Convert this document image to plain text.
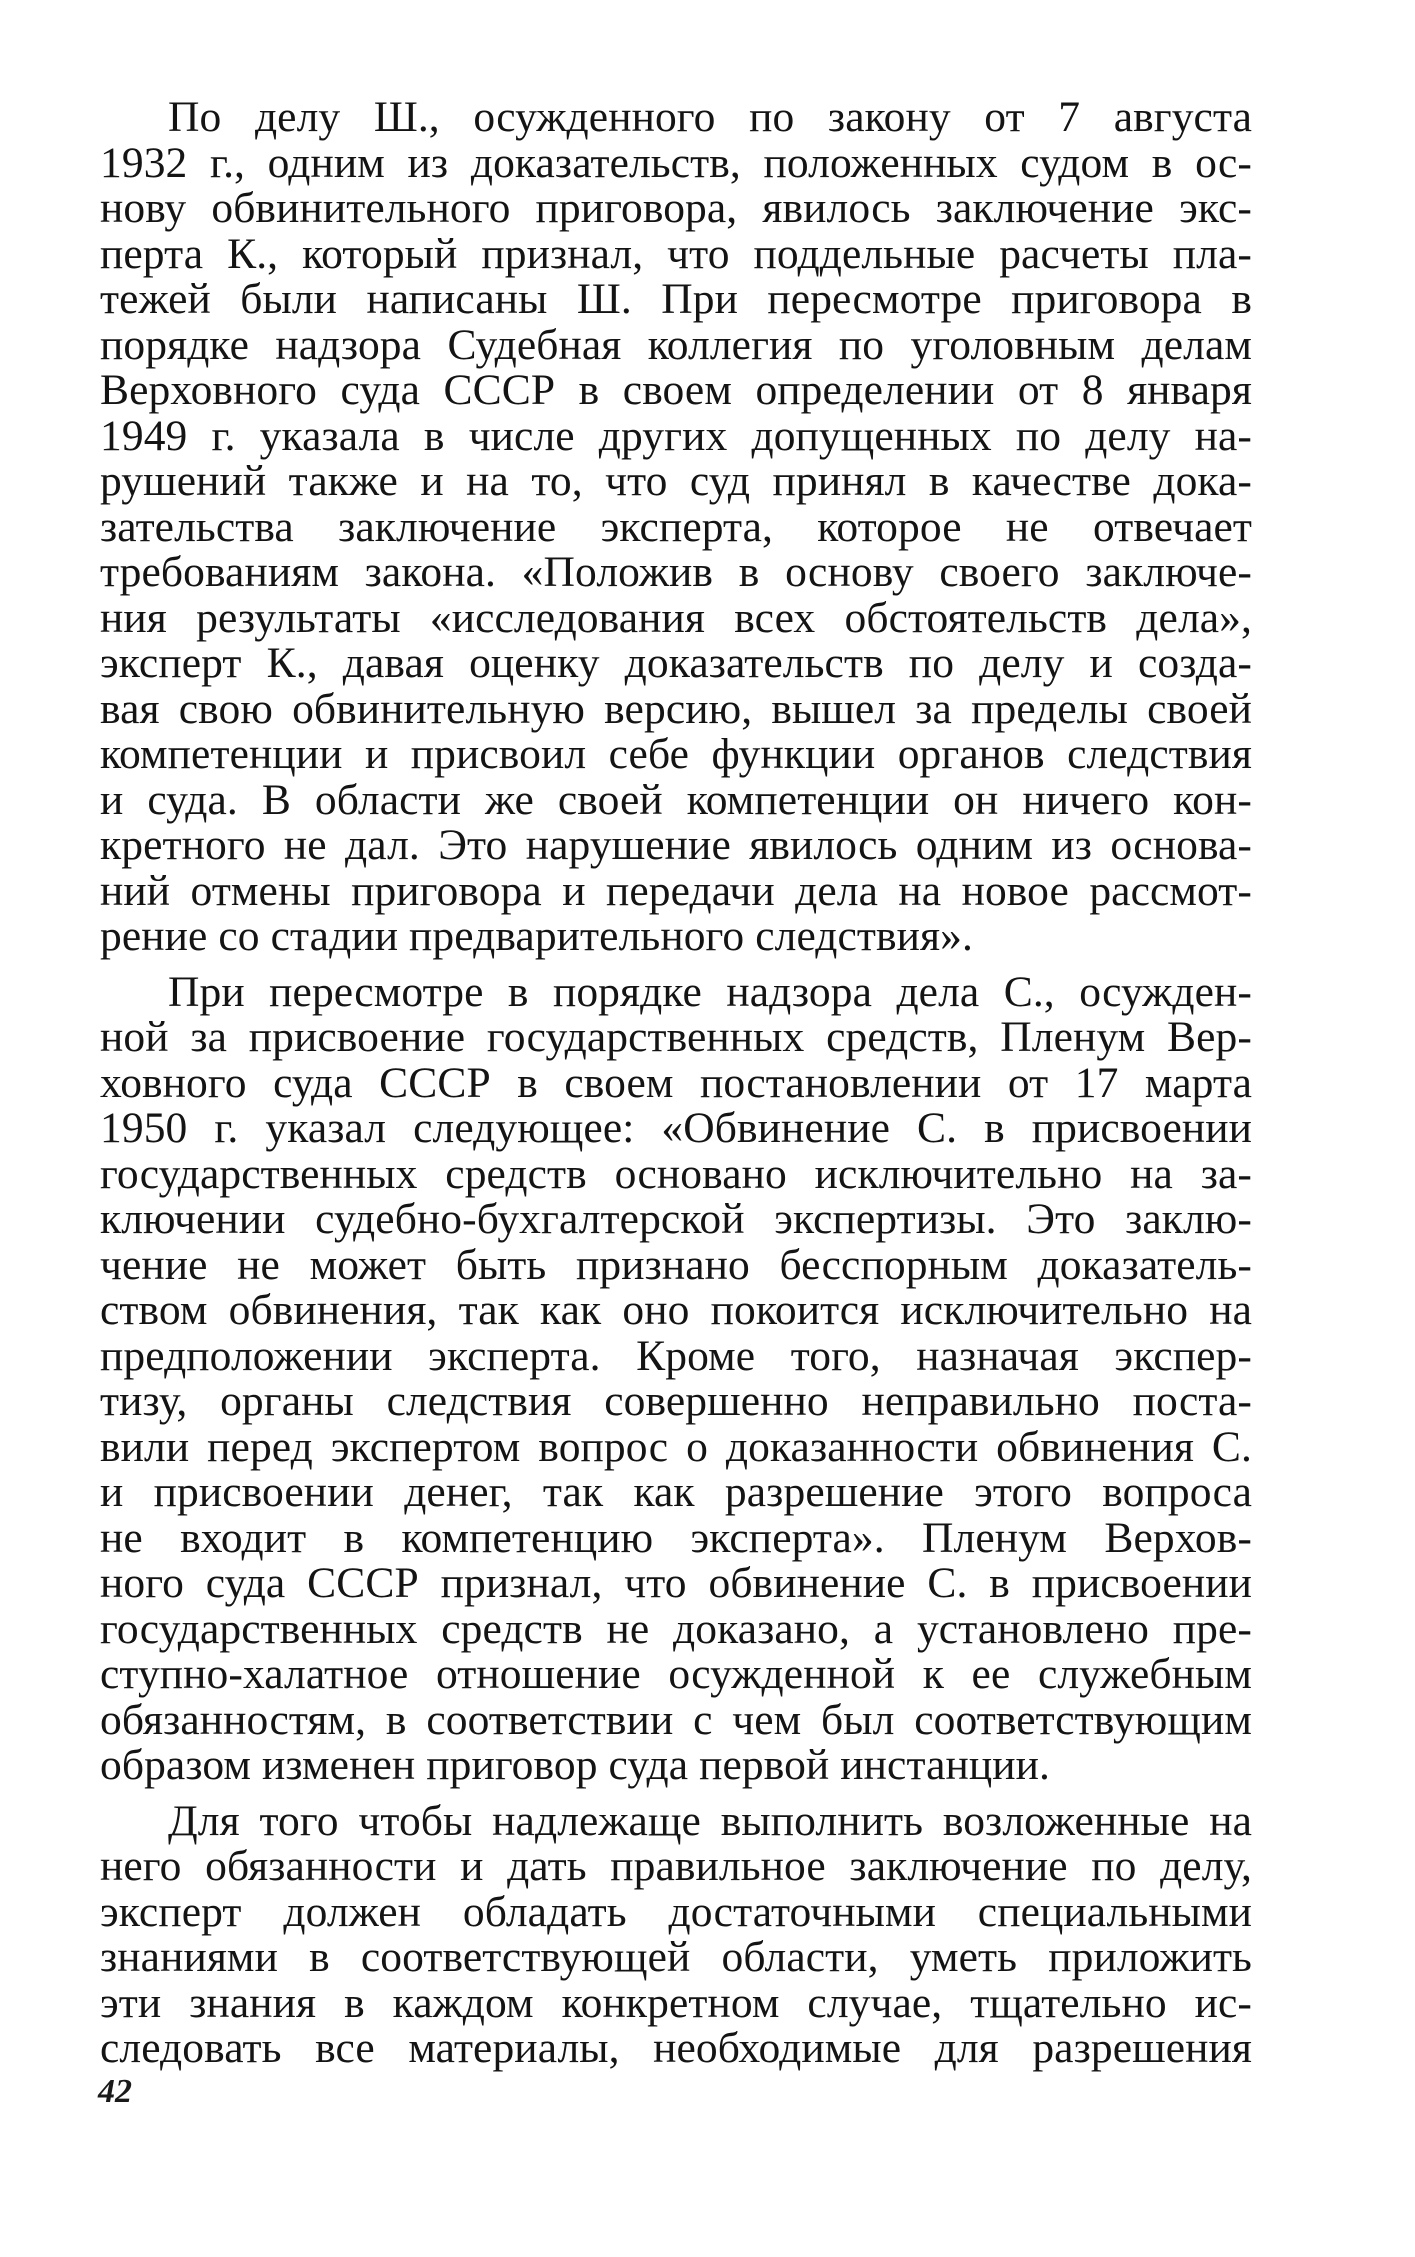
По делу Ш., осужденного по закону от 7 августа
1932 г., одним из доказательств, положенных судом в ос-
нову обвинительного приговора, явилось заключение экс-
перта К., который признал, что поддельные расчеты пла-
тежей были написаны Ш. При пересмотре приговора в
порядке надзора Судебная коллегия по уголовным делам
Верховного суда СССР в своем определении от 8 января
1949 г. указала в числе других допущенных по делу на-
рушений также и на то, что суд принял в качестве дока-
зательства заключение эксперта, которое не отвечает
требованиям закона. «Положив в основу своего заключе-
ния результаты «исследования всех обстоятельств дела»,
эксперт К., давая оценку доказательств по делу и созда-
вая свою обвинительную версию, вышел за пределы своей
компетенции и присвоил себе функции органов следствия
и суда. В области же своей компетенции он ничего кон-
кретного не дал. Это нарушение явилось одним из основа-
ний отмены приговора и передачи дела на новое рассмот-
рение со стадии предварительного следствия».

При пересмотре в порядке надзора дела С., осужден-
ной за присвоение государственных средств, Пленум Вер-
ховного суда СССР в своем постановлении от 17 марта
1950 г. указал следующее: «Обвинение С. в присвоении
государственных средств основано исключительно на за-
ключении судебно-бухгалтерской экспертизы. Это заклю-
чение не может быть признано бесспорным доказатель-
ством обвинения, так как оно покоится исключительно на
предположении эксперта. Кроме того, назначая экспер-
тизу, органы следствия совершенно неправильно поста-
вили перед экспертом вопрос о доказанности обвинения С.
и присвоении денег, так как разрешение этого вопроса
не входит в компетенцию эксперта». Пленум Верхов-
ного суда СССР признал, что обвинение С. в присвоении
государственных средств не доказано, а установлено пре-
ступно-халатное отношение осужденной к ее служебным
обязанностям, в соответствии с чем был соответствующим
образом изменен приговор суда первой инстанции.

Для того чтобы надлежаще выполнить возложенные на
него обязанности и дать правильное заключение по делу,
эксперт должен обладать достаточными специальными
знаниями в соответствующей области, уметь приложить
эти знания в каждом конкретном случае, тщательно ис-
следовать все материалы, необходимые для разрешения

42
